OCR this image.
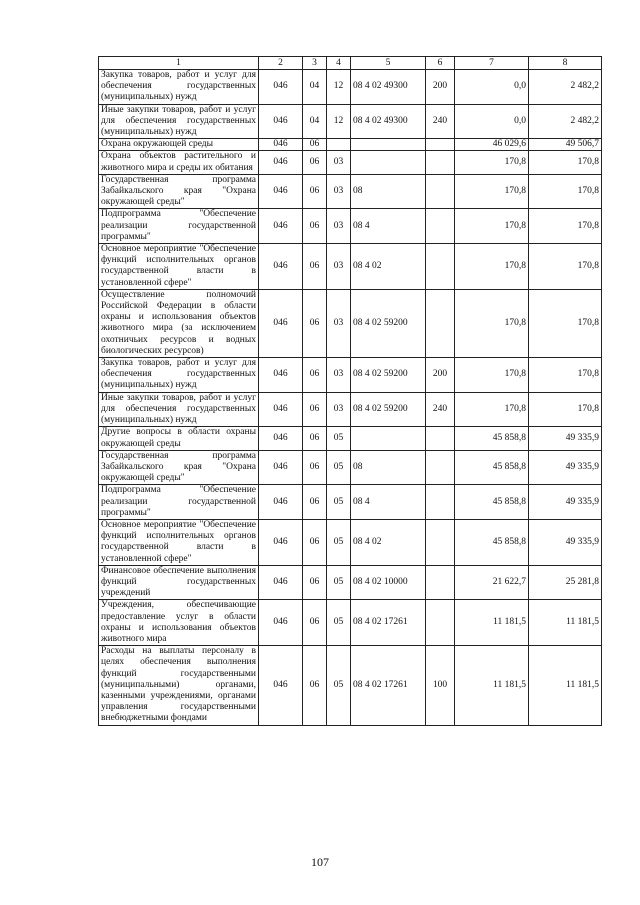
1	2	3	4	5	6	7	8
Закупка товаров, работ и услуг для обеспечения государственных (муниципальных) нужд	046	04	12	08 4 02 49300	200	0,0	2 482,2
Иные закупки товаров, работ и услуг для обеспечения государственных (муниципальных) нужд	046	04	12	08 4 02 49300	240	0,0	2 482,2
Охрана окружающей среды	046	06				46 029,6	49 506,7
Охрана объектов растительного и животного мира и среды их обитания	046	06	03			170,8	170,8
Государственная программа Забайкальского края "Охрана окружающей среды"	046	06	03	08		170,8	170,8
Подпрограмма "Обеспечение реализации государственной программы"	046	06	03	08 4		170,8	170,8
Основное мероприятие "Обеспечение функций исполнительных органов государственной власти в установленной сфере"	046	06	03	08 4 02		170,8	170,8
Осуществление полномочий Российской Федерации в области охраны и использования объектов животного мира (за исключением охотничьих ресурсов и водных биологических ресурсов)	046	06	03	08 4 02 59200		170,8	170,8
Закупка товаров, работ и услуг для обеспечения государственных (муниципальных) нужд	046	06	03	08 4 02 59200	200	170,8	170,8
Иные закупки товаров, работ и услуг для обеспечения государственных (муниципальных) нужд	046	06	03	08 4 02 59200	240	170,8	170,8
Другие вопросы в области охраны окружающей среды	046	06	05			45 858,8	49 335,9
Государственная программа Забайкальского края "Охрана окружающей среды"	046	06	05	08		45 858,8	49 335,9
Подпрограмма "Обеспечение реализации государственной программы"	046	06	05	08 4		45 858,8	49 335,9
Основное мероприятие "Обеспечение функций исполнительных органов государственной власти в установленной сфере"	046	06	05	08 4 02		45 858,8	49 335,9
Финансовое обеспечение выполнения функций государственных учреждений	046	06	05	08 4 02 10000		21 622,7	25 281,8
Учреждения, обеспечивающие предоставление услуг в области охраны и использования объектов животного мира	046	06	05	08 4 02 17261		11 181,5	11 181,5
Расходы на выплаты персоналу в целях обеспечения выполнения функций государственными (муниципальными) органами, казенными учреждениями, органами управления государственными внебюджетными фондами	046	06	05	08 4 02 17261	100	11 181,5	11 181,5
107
